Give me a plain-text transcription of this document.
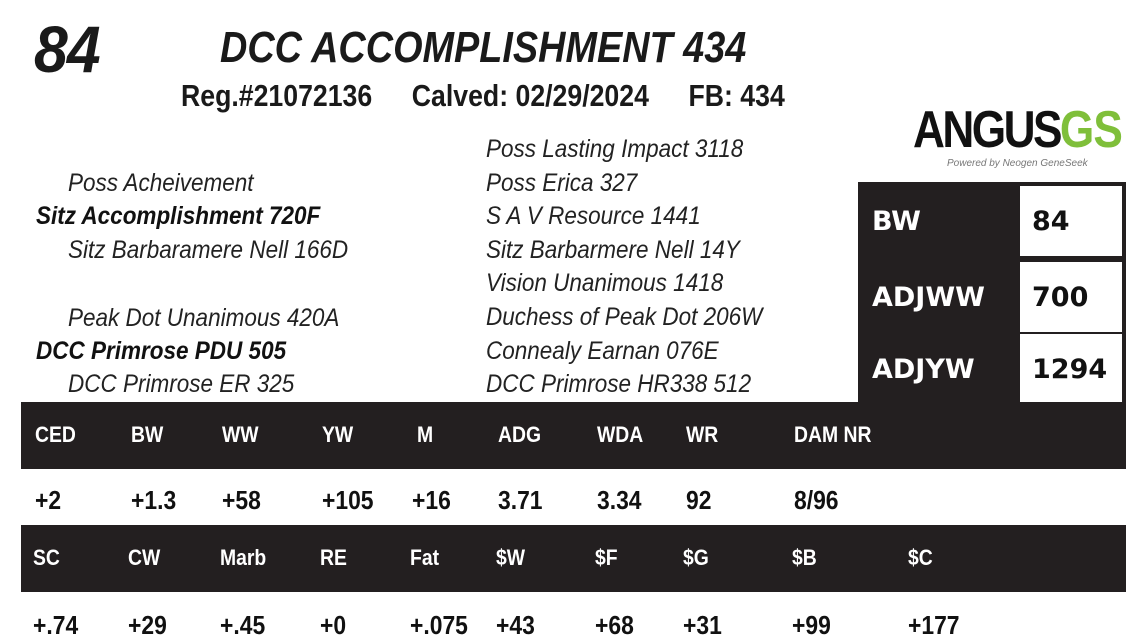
84	DCC ACCOMPLISHMENT 434
Reg.#21072136 Calved: 02/29/2024 FB: 434
ANGUSGS
Powered by Neogen GeneSeek
Poss Acheivement
Sitz Accomplishment 720F
Sitz Barbaramere Nell 166D
Peak Dot Unanimous 420A
DCC Primrose PDU 505
DCC Primrose ER 325
Poss Lasting Impact 3118
Poss Erica 327
S A V Resource 1441
Sitz Barbarmere Nell 14Y
Vision Unanimous 1418
Duchess of Peak Dot 206W
Connealy Earnan 076E
DCC Primrose HR338 512
BW	84
ADJWW 700
ADJYW 1294
CED	BW	WW	YW	M	ADG	WDA WR	DAM NR
+2	+1.3 +58 +105 +16 3.71 3.34 92	8/96
SC	CW	Marb RE	Fat	$W	$F	$G	$B	$C
+.74 +29 +.45 +0 +.075 +43 +68 +31	+99	+177
